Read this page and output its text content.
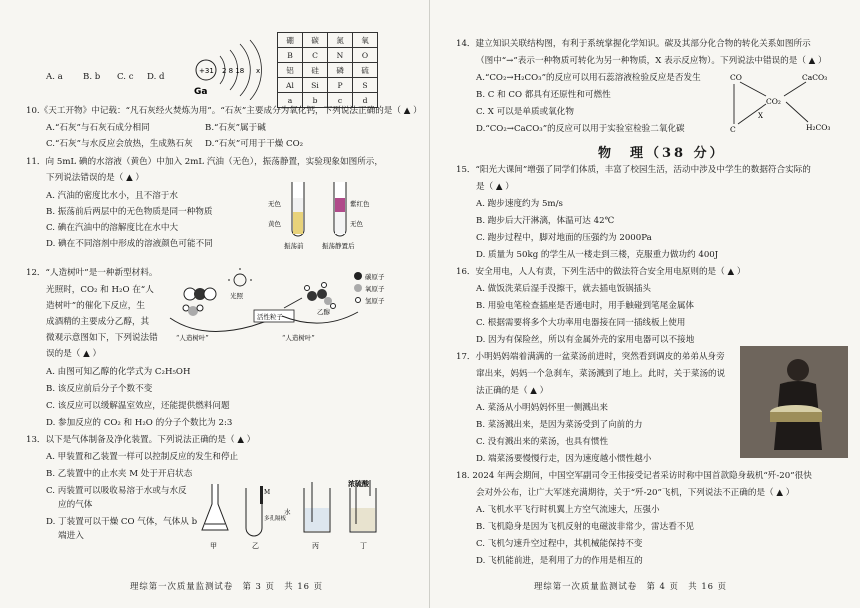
A. a B. b C. c D. d
+31 2 8 18 x
Ga
硼	碳	氮	氧
B	C	N	O
铝	硅	磷	硫
Al	Si	P	S
a	b	c	d
10.《天工开物》中记载：“凡石灰经火焚炼为用”。“石灰”主要成分为氧化钙，下列说法正确的是（ ▲ ）
A.“石灰”与石灰石成分相同	B.“石灰”属于碱
C.“石灰”与水反应会放热，生成熟石灰 D.“石灰”可用于干燥 CO₂
11．向 5mL 碘的水溶液（黄色）中加入 2mL 汽油（无色），振荡静置，实验现象如图所示，
下列说法错误的是（ ▲ ）
A. 汽油的密度比水小，且不溶于水
B. 振荡前后两层中的无色物质是同一种物质
C. 碘在汽油中的溶解度比在水中大
D. 碘在不同溶剂中形成的溶液颜色可能不同
无色
黄色
紫红色
无色
振荡前	振荡静置后
12．“人造树叶”是一种新型材料。
光照时，CO₂ 和 H₂O 在“人
造树叶”的催化下反应，生
成酒精的主要成分乙醇，其
微观示意图如下，下列说法错
误的是（ ▲ ）
光照
活性粒子
乙醇
“人造树叶”	“人造树叶”
碳原子
氧原子
氢原子
A. 由图可知乙醇的化学式为 C₂H₅OH
B. 该反应前后分子个数不变
C. 该反应可以缓解温室效应，还能提供燃料问题
D. 参加反应的 CO₂ 和 H₂O 的分子个数比为 2:3
13．以下是气体制备及净化装置。下列说法正确的是（ ▲ ）
A. 甲装置和乙装置一样可以控制反应的发生和停止
B. 乙装置中的止水夹 M 处于开启状态
C. 丙装置可以吸收易溶于水或与水反
应的气体
D. 丁装置可以干燥 CO 气体，气体从 b
端进入
M
多孔隔板
水
浓硫酸
甲	乙	丙	丁
理综第一次质量监测试卷　第 3 页　共 16 页
14．建立知识关联结构图，有利于系统掌握化学知识。碳及其部分化合物的转化关系如图所示
（图中“→”表示一种物质可转化为另一种物质，X 表示反应物）。下列说法中错误的是（ ▲ ）
A.“CO₂→H₂CO₃”的反应可以用石蕊溶液检验反应是否发生
B. C 和 CO 都具有还原性和可燃性
C. X 可以是单质或氧化物
D.“CO₂→CaCO₃”的反应可以用于实验室检验二氧化碳
CO	CaCO₃
CO₂
X
C	H₂CO₃
物　理（38 分）
15．“阳光大课间”增强了同学们体质，丰富了校园生活，活动中涉及中学生的数据符合实际的
是（ ▲ ）
A. 跑步速度约为 5m/s
B. 跑步后大汗淋漓，体温可达 42℃
C. 跑步过程中，脚对地面的压强约为 2000Pa
D. 质量为 50kg 的学生从一楼走到三楼，克服重力做功约 400J
16．安全用电，人人有责，下列生活中的做法符合安全用电原则的是（ ▲ ）
A. 做饭洗菜后湿手没擦干，就去插电饭锅插头
B. 用验电笔检查插座是否通电时，用手触碰到笔尾金属体
C. 根据需要将多个大功率用电器接在同一插线板上使用
D. 因为有保险丝，所以有金属外壳的家用电器可以不接地
17．小明妈妈端着满满的一盆菜汤前进时，突然看到调皮的弟弟从身旁
窜出来，妈妈一个急刹车，菜汤溅到了地上。此时，关于菜汤的说
法正确的是（ ▲ ）
A. 菜汤从小明妈妈怀里一侧溅出来
B. 菜汤溅出来，是因为菜汤受到了向前的力
C. 没有溅出来的菜汤，也具有惯性
D. 端菜汤要慢慢行走，因为速度越小惯性越小
18. 2024 年两会期间，中国空军副司令王伟接受记者采访时称中国首款隐身载机“歼-20”很快
会对外公布，让广大军迷充满期待，关于“歼-20”飞机，下列说法不正确的是（ ▲ ）
A. 飞机水平飞行时机翼上方空气流速大，压强小
B. 飞机隐身是因为飞机反射的电磁波非常少，雷达看不见
C. 飞机匀速升空过程中，其机械能保持不变
D. 飞机能前进，是利用了力的作用是相互的
理综第一次质量监测试卷　第 4 页　共 16 页
